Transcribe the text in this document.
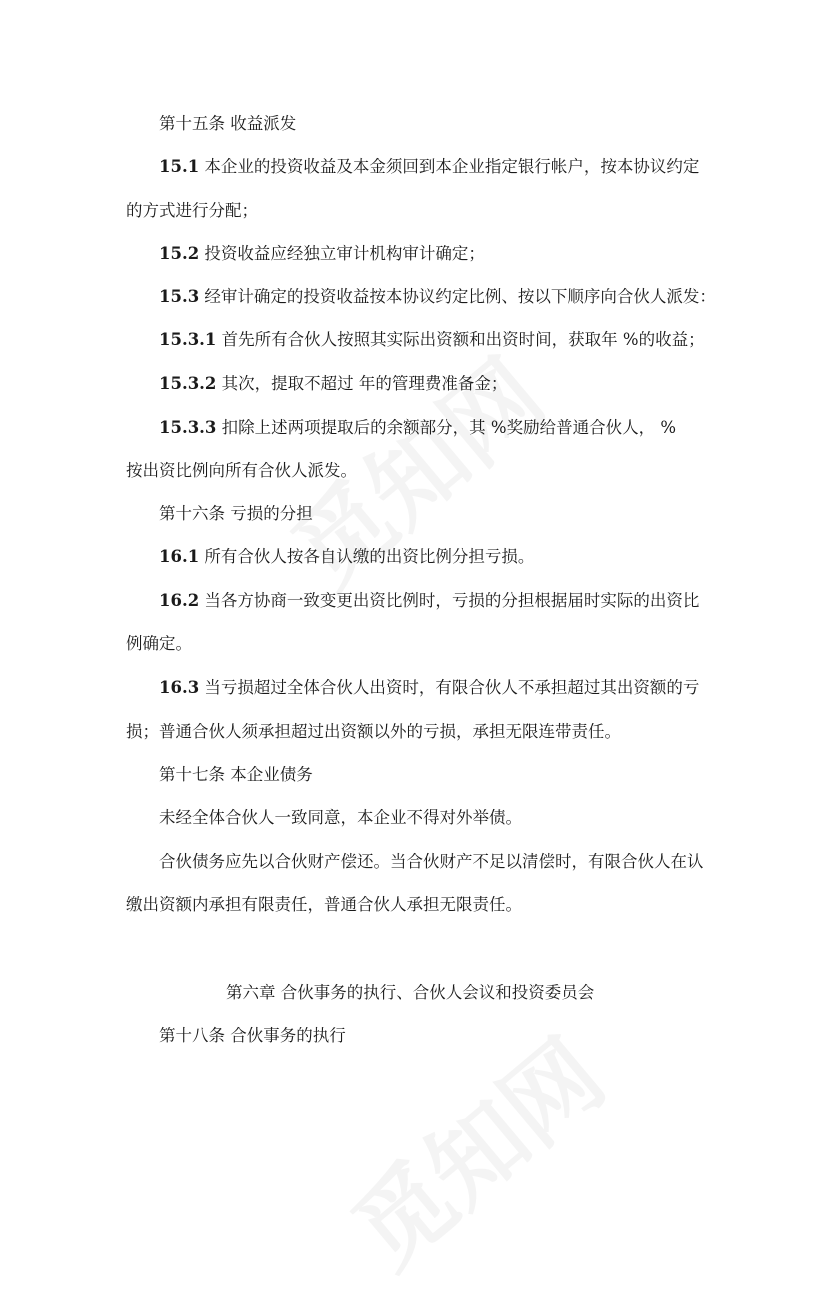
第十五条 收益派发
15.1 本企业的投资收益及本金须回到本企业指定银行帐户，按本协议约定
的方式进行分配；
15.2 投资收益应经独立审计机构审计确定；
15.3 经审计确定的投资收益按本协议约定比例、按以下顺序向合伙人派发：
15.3.1 首先所有合伙人按照其实际出资额和出资时间，获取年 %的收益；
15.3.2 其次，提取不超过 年的管理费准备金；
15.3.3 扣除上述两项提取后的余额部分，其 %奖励给普通合伙人， %
按出资比例向所有合伙人派发。
第十六条 亏损的分担
16.1 所有合伙人按各自认缴的出资比例分担亏损。
16.2 当各方协商一致变更出资比例时，亏损的分担根据届时实际的出资比
例确定。
16.3 当亏损超过全体合伙人出资时，有限合伙人不承担超过其出资额的亏
损；普通合伙人须承担超过出资额以外的亏损，承担无限连带责任。
第十七条 本企业债务
未经全体合伙人一致同意，本企业不得对外举债。
合伙债务应先以合伙财产偿还。当合伙财产不足以清偿时，有限合伙人在认
缴出资额内承担有限责任，普通合伙人承担无限责任。
第六章 合伙事务的执行、合伙人会议和投资委员会
第十八条 合伙事务的执行
